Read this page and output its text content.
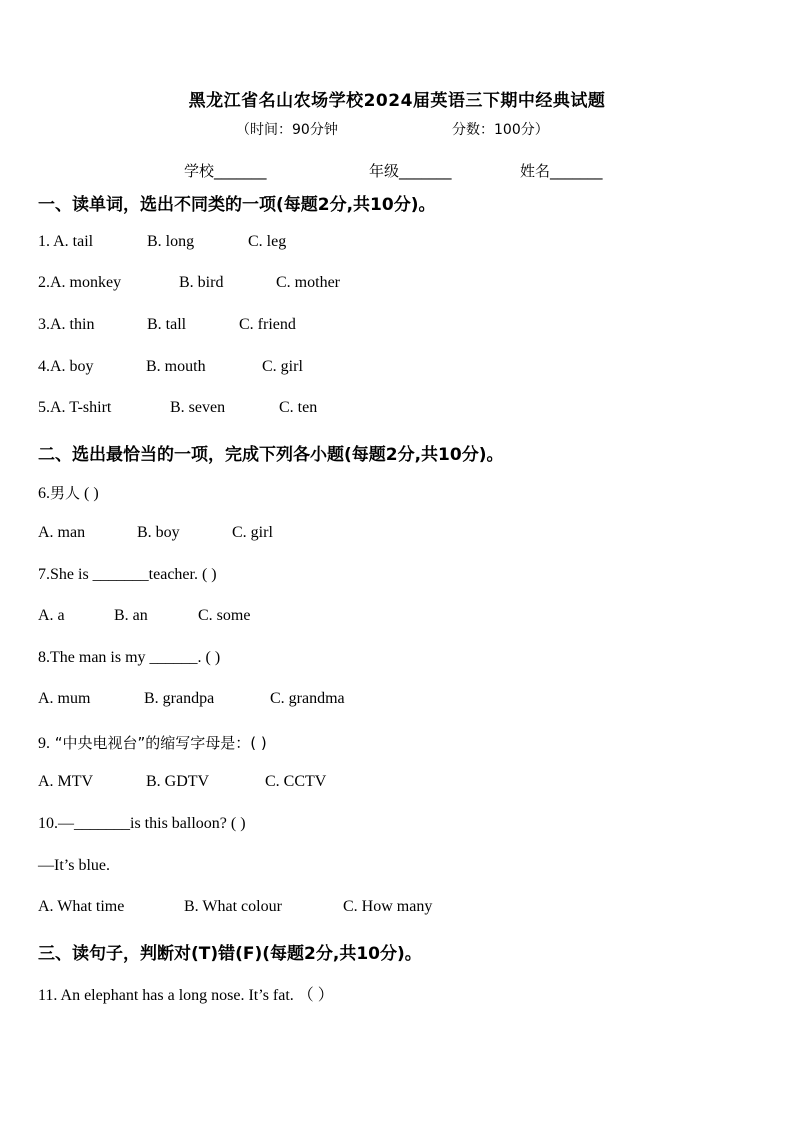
黑龙江省名山农场学校2024届英语三下期中经典试题
（时间：90分钟	分数：100分）
学校_______	年级_______	姓名_______
一、读单词，选出不同类的一项(每题2分,共10分)。
1. A. tail	B. long	C. leg
2.A. monkey	B. bird	C. mother
3.A. thin	B. tall	C. friend
4.A. boy	B. mouth	C. girl
5.A. T-shirt	B. seven	C. ten
二、选出最恰当的一项，完成下列各小题(每题2分,共10分)。
6.男人 ( )
A. man	B. boy	C. girl
7.She is _______teacher. ( )
A. a	B. an	C. some
8.The man is my ______. ( )
A. mum	B. grandpa	C. grandma
9. “中央电视台”的缩写字母是：( )
A. MTV	B. GDTV	C. CCTV
10.—_______is this balloon? ( )
—It’s blue.
A. What time	B. What colour	C. How many
三、读句子，判断对(T)错(F)(每题2分,共10分)。
11. An elephant has a long nose. It’s fat. （ ）
